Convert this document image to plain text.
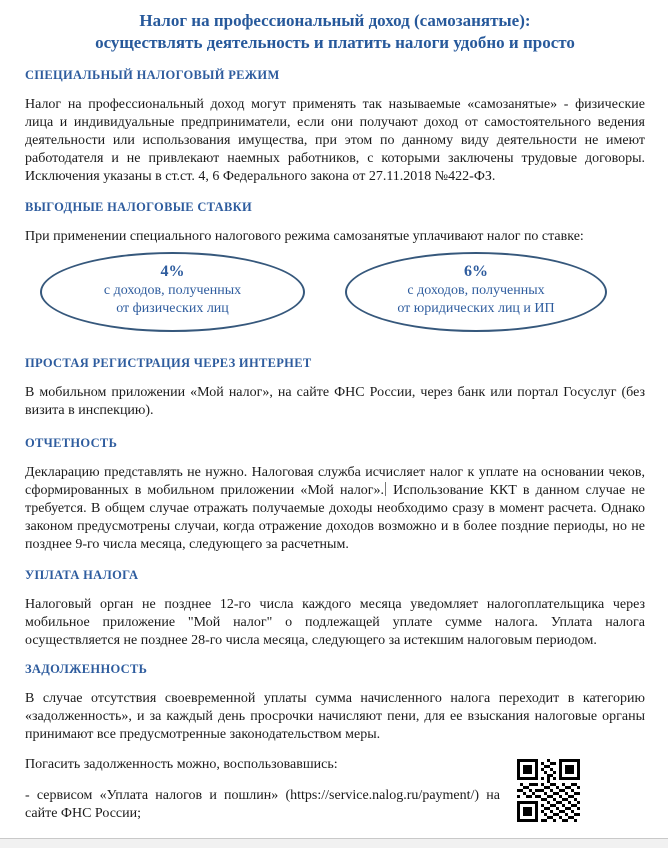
Налог на профессиональный доход (самозанятые):
осуществлять деятельность и платить налоги удобно и просто
СПЕЦИАЛЬНЫЙ НАЛОГОВЫЙ РЕЖИМ

Налог на профессиональный доход могут применять так называемые «самозанятые» - физические лица и индивидуальные предприниматели, если они получают доход от самостоятельного ведения деятельности или использования имущества, при этом по данному виду деятельности не имеют работодателя и не привлекают наемных работников, с которыми заключены трудовые договоры. Исключения указаны в ст.ст. 4, 6 Федерального закона от 27.11.2018 №422-ФЗ.

ВЫГОДНЫЕ НАЛОГОВЫЕ СТАВКИ

При применении специального налогового режима самозанятые уплачивают налог по ставке:

4%
с доходов, полученных
от физических лиц
6%
с доходов, полученных
от юридических лиц и ИП
ПРОСТАЯ РЕГИСТРАЦИЯ ЧЕРЕЗ ИНТЕРНЕТ

В мобильном приложении «Мой налог», на сайте ФНС России, через банк или портал Госуслуг (без визита в инспекцию).

ОТЧЕТНОСТЬ

Декларацию представлять не нужно. Налоговая служба исчисляет налог к уплате на основании чеков, сформированных в мобильном приложении «Мой налог». Использование ККТ в данном случае не требуется. В общем случае отражать получаемые доходы необходимо сразу в момент расчета. Однако законом предусмотрены случаи, когда отражение доходов возможно и в более поздние периоды, но не позднее 9-го числа месяца, следующего за расчетным.

УПЛАТА НАЛОГА

Налоговый орган не позднее 12-го числа каждого месяца уведомляет налогоплательщика через мобильное приложение "Мой налог" о подлежащей уплате сумме налога. Уплата налога осуществляется не позднее 28-го числа месяца, следующего за истекшим налоговым периодом.

ЗАДОЛЖЕННОСТЬ

В случае отсутствия своевременной уплаты сумма начисленного налога переходит в категорию «задолженность», и за каждый день просрочки начисляют пени, для ее взыскания налоговые органы принимают все предусмотренные законодательством меры.

Погасить задолженность можно, воспользовавшись:

- сервисом «Уплата налогов и пошлин» (https://service.nalog.ru/payment/) на сайте ФНС России;
